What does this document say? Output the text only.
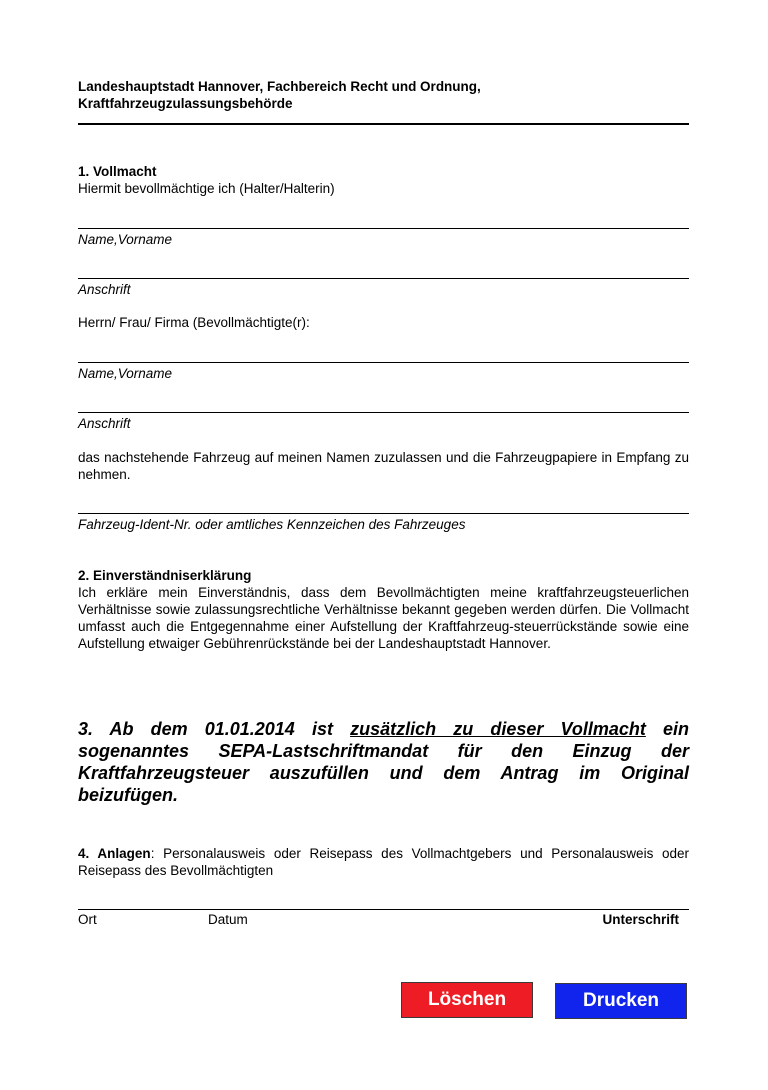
Landeshauptstadt Hannover, Fachbereich Recht und Ordnung,
Kraftfahrzeugzulassungsbehörde
1. Vollmacht
Hiermit bevollmächtige ich (Halter/Halterin)
Name,Vorname
Anschrift
Herrn/ Frau/ Firma (Bevollmächtigte(r):
Name,Vorname
Anschrift
das nachstehende Fahrzeug auf meinen Namen zuzulassen und die Fahrzeugpapiere in Empfang zu nehmen.
Fahrzeug-Ident-Nr. oder amtliches Kennzeichen des Fahrzeuges
2. Einverständniserklärung
Ich erkläre mein Einverständnis, dass dem Bevollmächtigten meine kraftfahrzeugsteuerlichen Verhältnisse sowie zulassungsrechtliche Verhältnisse bekannt gegeben werden dürfen. Die Vollmacht umfasst auch die Entgegennahme einer Aufstellung der Kraftfahrzeug-steuerrückstände sowie eine Aufstellung etwaiger Gebührenrückstände bei der Landeshauptstadt Hannover.
3. Ab dem 01.01.2014 ist zusätzlich zu dieser Vollmacht ein sogenanntes SEPA-Lastschriftmandat für den Einzug der Kraftfahrzeugsteuer auszufüllen und dem Antrag im Original beizufügen.
4. Anlagen: Personalausweis oder Reisepass des Vollmachtgebers und Personalausweis oder Reisepass des Bevollmächtigten
Ort	Datum	Unterschrift
Löschen	Drucken
